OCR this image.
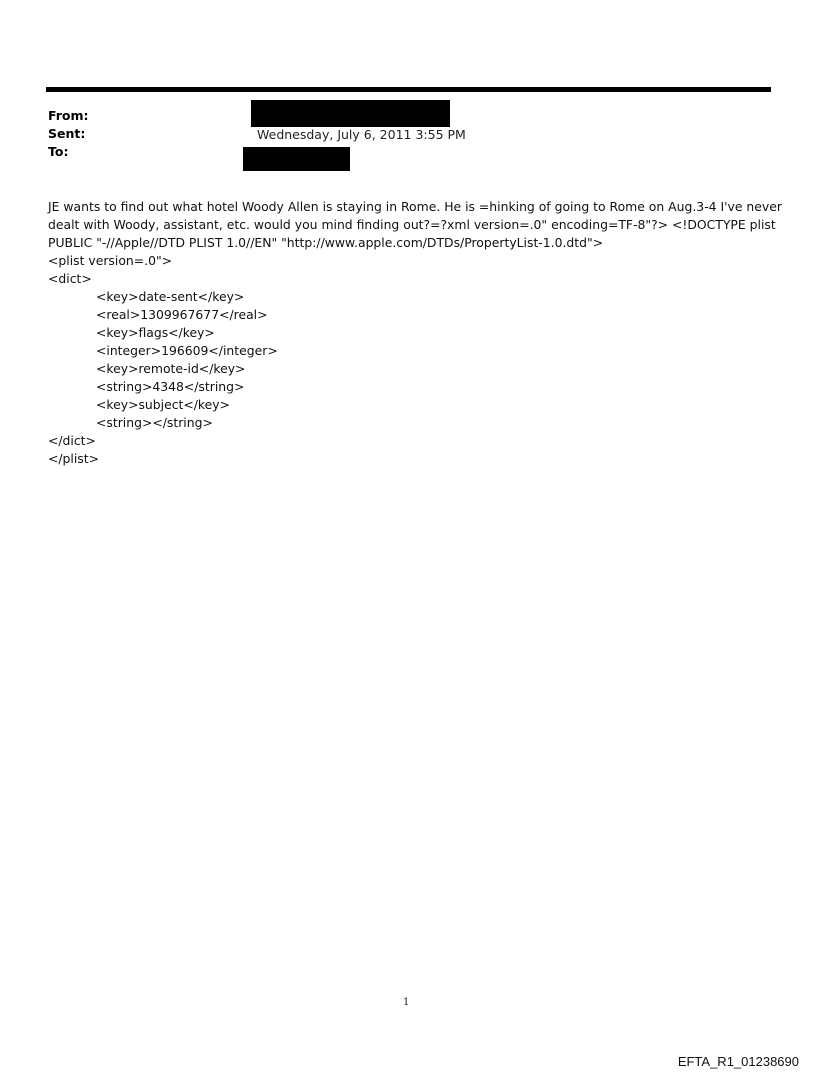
From:
Sent:
To:
Wednesday, July 6, 2011 3:55 PM
JE wants to find out what hotel Woody Allen is staying in Rome. He is =hinking of going to Rome on Aug.3-4 I've never
dealt with Woody, assistant, etc. would you mind finding out?=?xml version=.0" encoding=TF-8"?> <!DOCTYPE plist
PUBLIC "-//Apple//DTD PLIST 1.0//EN" "http://www.apple.com/DTDs/PropertyList-1.0.dtd">
<plist version=.0">
<dict>
<key>date-sent</key>
<real>1309967677</real>
<key>flags</key>
<integer>196609</integer>
<key>remote-id</key>
<string>4348</string>
<key>subject</key>
<string></string>
</dict>
</plist>
1
EFTA_R1_01238690
